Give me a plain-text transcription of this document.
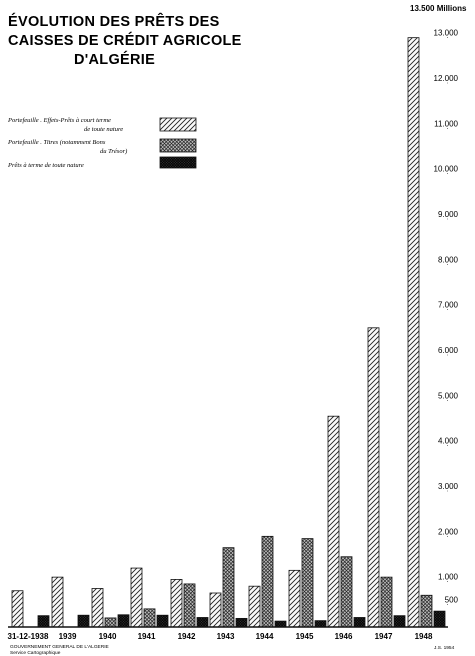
ÉVOLUTION DES PRÊTS DES
CAISSES DE CRÉDIT AGRICOLE
D'ALGÉRIE
500
1.000
2.000
3.000
4.000
5.000
6.000
7.000
8.000
9.000
10.000
11.000
12.000
13.000
13.500 Millions
31-12-1938 1939	1940	1941	1942	1943	1944	1945	1946	1947	1948
Portefeuille . Effets-Prêts à court terme
de toute nature
Portefeuille . Titres (notamment Bons
du Trésor)
Prêts à terme de toute nature
GOUVERNEMENT GENERAL DE L'ALGERIE
Service Cartographique
J.S. 1954
